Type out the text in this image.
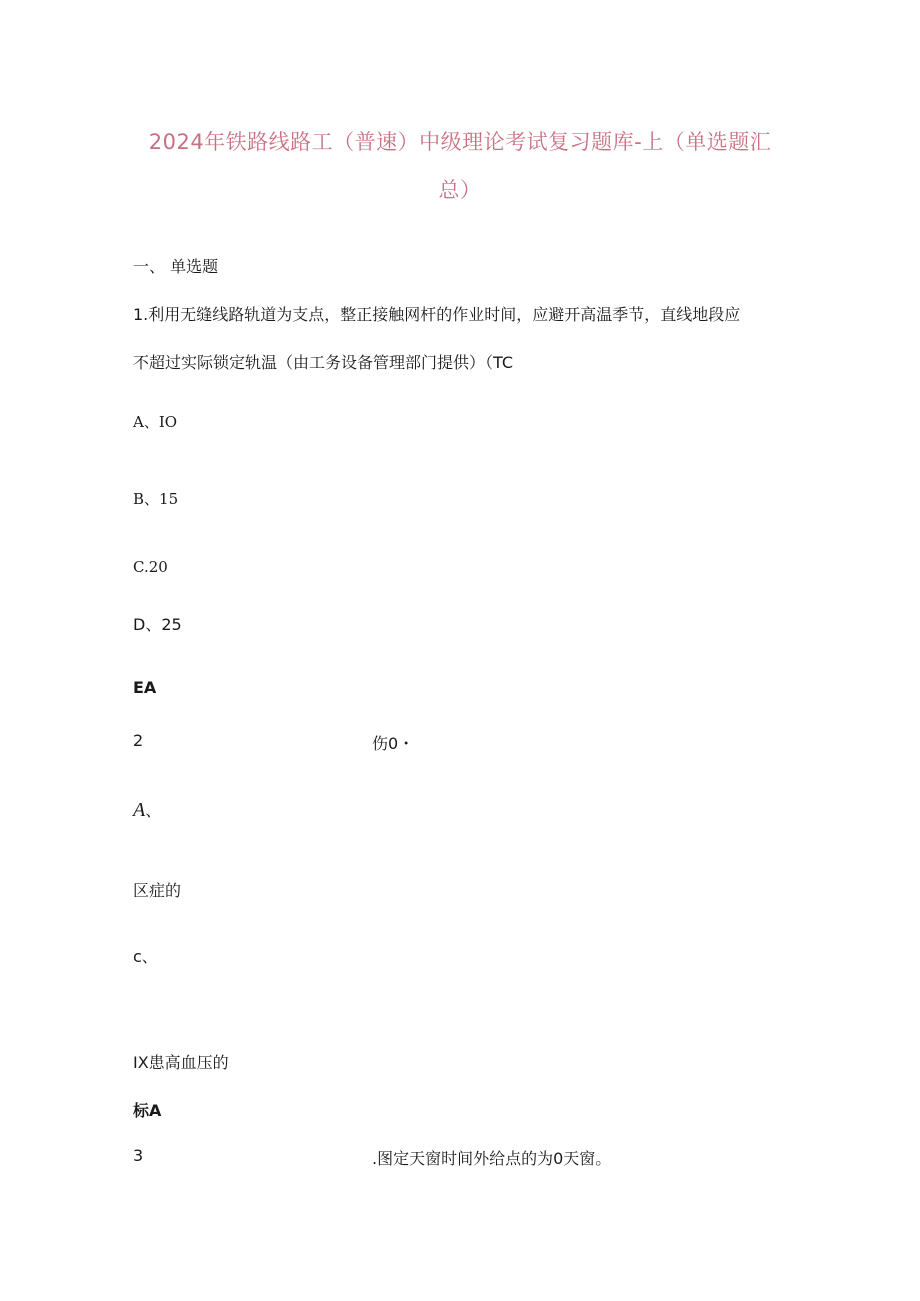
2024年铁路线路工（普速）中级理论考试复习题库-上（单选题汇
总）
一、 单选题
1.利用无缝线路轨道为支点，整正接触网杆的作业时间，应避开高温季节，直线地段应
不超过实际锁定轨温（由工务设备管理部门提供）（TC
A、IO
B、15
C.20
D、25
EA
2	伤0・
A、
区症的
c、
IX患高血压的
标A
3	.图定天窗时间外给点的为0天窗。
